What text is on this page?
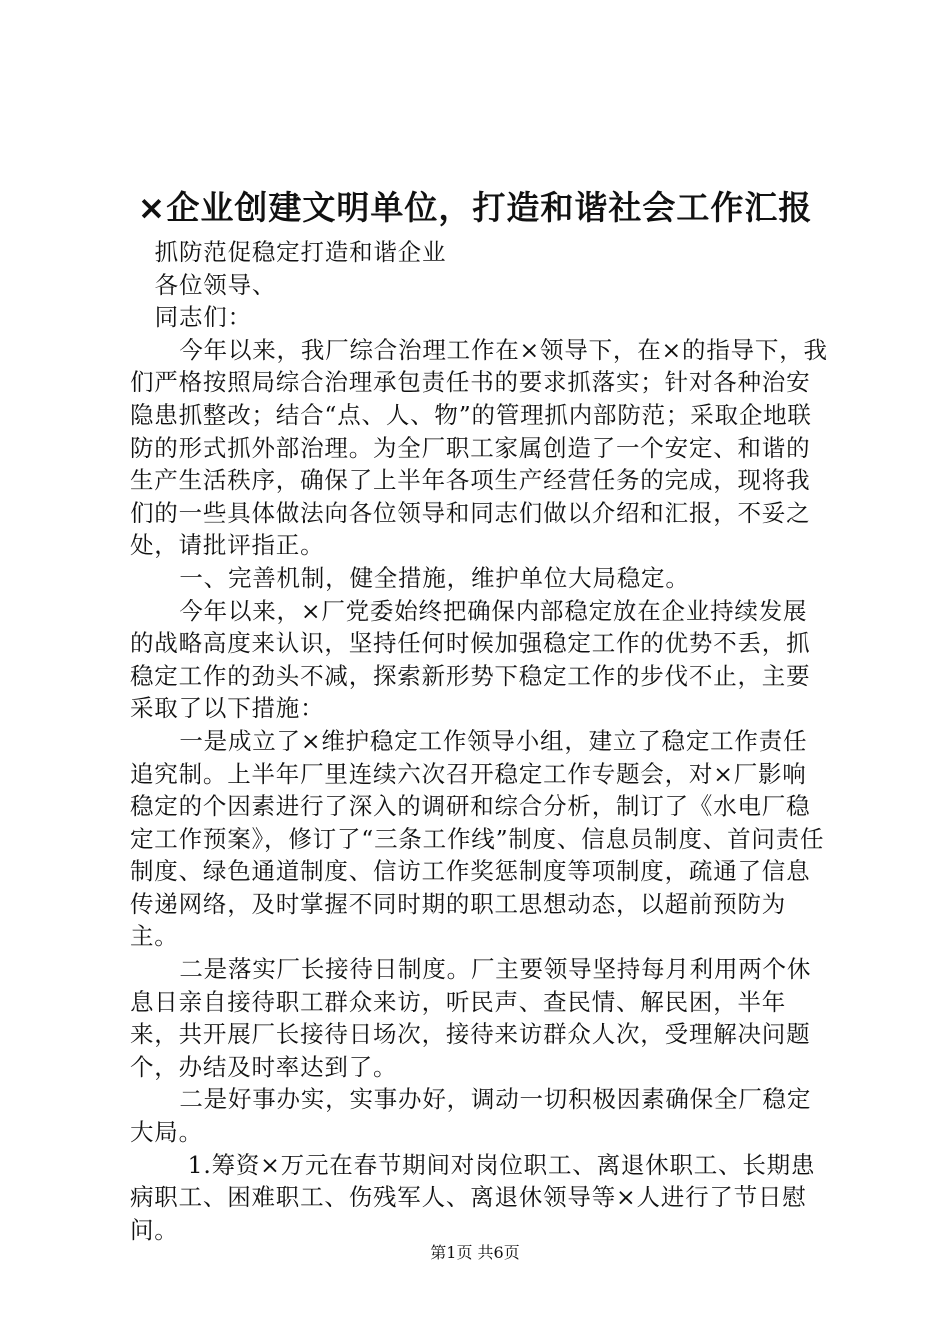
×企业创建文明单位，打造和谐社会工作汇报

抓防范促稳定打造和谐企业

各位领导、

同志们：

今年以来，我厂综合治理工作在×领导下，在×的指导下，我们严格按照局综合治理承包责任书的要求抓落实；针对各种治安隐患抓整改；结合“点、人、物”的管理抓内部防范；采取企地联防的形式抓外部治理。为全厂职工家属创造了一个安定、和谐的生产生活秩序，确保了上半年各项生产经营任务的完成，现将我们的一些具体做法向各位领导和同志们做以介绍和汇报，不妥之处，请批评指正。

一、完善机制，健全措施，维护单位大局稳定。

今年以来，×厂党委始终把确保内部稳定放在企业持续发展的战略高度来认识，坚持任何时候加强稳定工作的优势不丢，抓稳定工作的劲头不减，探索新形势下稳定工作的步伐不止，主要采取了以下措施：

一是成立了×维护稳定工作领导小组，建立了稳定工作责任追究制。上半年厂里连续六次召开稳定工作专题会，对×厂影响稳定的个因素进行了深入的调研和综合分析，制订了《水电厂稳定工作预案》，修订了“三条工作线”制度、信息员制度、首问责任制度、绿色通道制度、信访工作奖惩制度等项制度，疏通了信息传递网络，及时掌握不同时期的职工思想动态，以超前预防为主。

二是落实厂长接待日制度。厂主要领导坚持每月利用两个休息日亲自接待职工群众来访，听民声、查民情、解民困，半年来，共开展厂长接待日场次，接待来访群众人次，受理解决问题个，办结及时率达到了。

二是好事办实，实事办好，调动一切积极因素确保全厂稳定大局。

1.筹资×万元在春节期间对岗位职工、离退休职工、长期患病职工、困难职工、伤残军人、离退休领导等×人进行了节日慰问。

第1页 共6页
